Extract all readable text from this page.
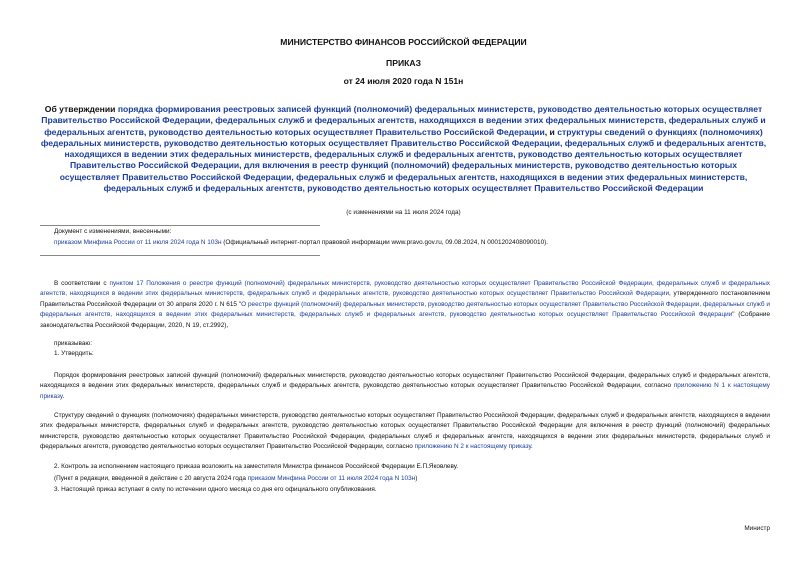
МИНИСТЕРСТВО ФИНАНСОВ РОССИЙСКОЙ ФЕДЕРАЦИИ
ПРИКАЗ
от 24 июля 2020 года N 151н
Об утверждении порядка формирования реестровых записей функций (полномочий) федеральных министерств, руководство деятельностью которых осуществляет Правительство Российской Федерации, федеральных служб и федеральных агентств, находящихся в ведении этих федеральных министерств, федеральных служб и федеральных агентств, руководство деятельностью которых осуществляет Правительство Российской Федерации, и структуры сведений о функциях (полномочиях) федеральных министерств, руководство деятельностью которых осуществляет Правительство Российской Федерации, федеральных служб и федеральных агентств, находящихся в ведении этих федеральных министерств, федеральных служб и федеральных агентств, руководство деятельностью которых осуществляет Правительство Российской Федерации, для включения в реестр функций (полномочий) федеральных министерств, руководство деятельностью которых осуществляет Правительство Российской Федерации, федеральных служб и федеральных агентств, находящихся в ведении этих федеральных министерств, федеральных служб и федеральных агентств, руководство деятельностью которых осуществляет Правительство Российской Федерации
(с изменениями на 11 июля 2024 года)
Документ с изменениями, внесенными:
приказом Минфина России от 11 июля 2024 года N 103н (Официальный интернет-портал правовой информации www.pravo.gov.ru, 09.08.2024, N 0001202408090010).
В соответствии с пунктом 17 Положения о реестре функций (полномочий) федеральных министерств, руководство деятельностью которых осуществляет Правительство Российской Федерации, федеральных служб и федеральных агентств, находящихся в ведении этих федеральных министерств, федеральных служб и федеральных агентств, руководство деятельностью которых осуществляет Правительство Российской Федерации, утвержденного постановлением Правительства Российской Федерации от 30 апреля 2020 г. N 615 "О реестре функций (полномочий) федеральных министерств, руководство деятельностью которых осуществляет Правительство Российской Федерации, федеральных служб и федеральных агентств, находящихся в ведении этих федеральных министерств, федеральных служб и федеральных агентств, руководство деятельностью которых осуществляет Правительство Российской Федерации" (Собрание законодательства Российской Федерации, 2020, N 19, ст.2992),
приказываю:
1. Утвердить:
Порядок формирования реестровых записей функций (полномочий) федеральных министерств, руководство деятельностью которых осуществляет Правительство Российской Федерации, федеральных служб и федеральных агентств, находящихся в ведении этих федеральных министерств, федеральных служб и федеральных агентств, руководство деятельностью которых осуществляет Правительство Российской Федерации, согласно приложению N 1 к настоящему приказу.
Структуру сведений о функциях (полномочиях) федеральных министерств, руководство деятельностью которых осуществляет Правительство Российской Федерации, федеральных служб и федеральных агентств, находящихся в ведении этих федеральных министерств, федеральных служб и федеральных агентств, руководство деятельностью которых осуществляет Правительство Российской Федерации для включения в реестр функций (полномочий) федеральных министерств, руководство деятельностью которых осуществляет Правительство Российской Федерации, федеральных служб и федеральных агентств, находящихся в ведении этих федеральных министерств, федеральных служб и федеральных агентств, руководство деятельностью которых осуществляет Правительство Российской Федерации, согласно приложению N 2 к настоящему приказу.
2. Контроль за исполнением настоящего приказа возложить на заместителя Министра финансов Российской Федерации Е.П.Яковлеву.
(Пункт в редакции, введенной в действие с 20 августа 2024 года приказом Минфина России от 11 июля 2024 года N 103н)
3. Настоящий приказ вступает в силу по истечении одного месяца со дня его официального опубликования.
Министр
